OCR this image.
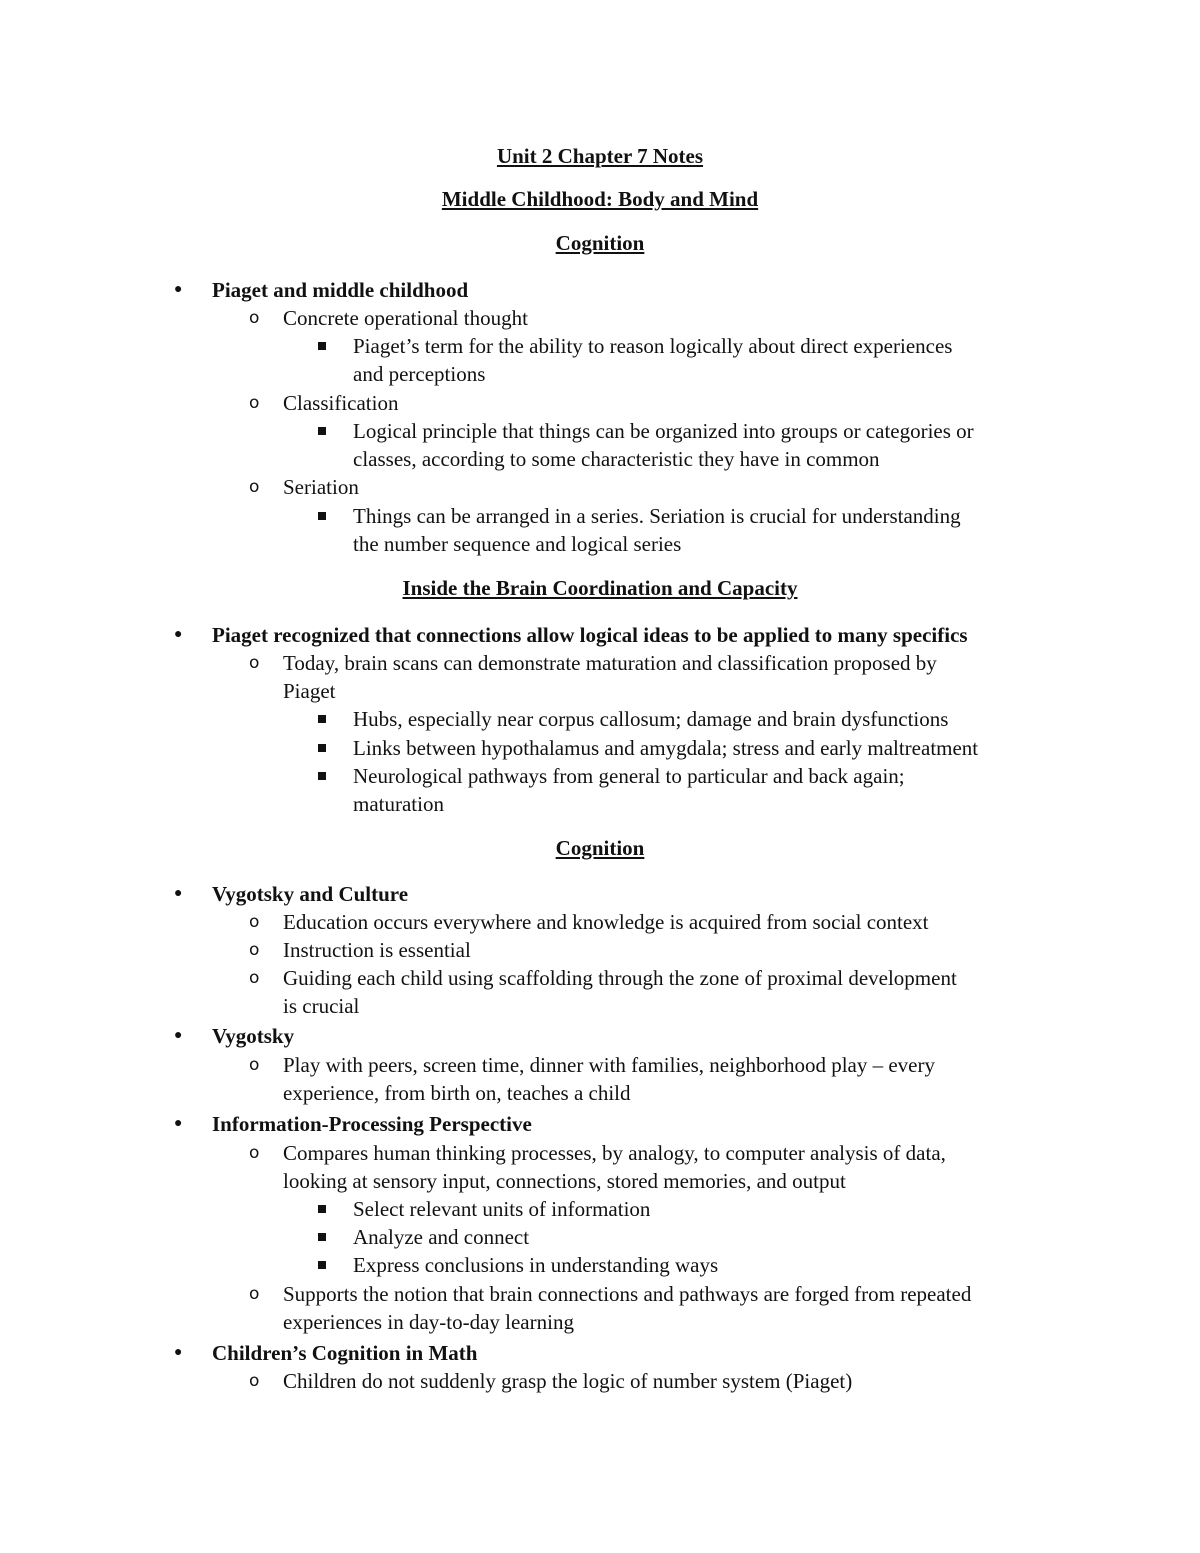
Unit 2 Chapter 7 Notes
Middle Childhood: Body and Mind
Cognition
● Piaget and middle childhood
o Concrete operational thought
Piaget’s term for the ability to reason logically about direct experiences
and perceptions
o Classification
Logical principle that things can be organized into groups or categories or
classes, according to some characteristic they have in common
o Seriation
Things can be arranged in a series. Seriation is crucial for understanding
the number sequence and logical series
Inside the Brain Coordination and Capacity
● Piaget recognized that connections allow logical ideas to be applied to many specifics
o Today, brain scans can demonstrate maturation and classification proposed by
Piaget
Hubs, especially near corpus callosum; damage and brain dysfunctions
Links between hypothalamus and amygdala; stress and early maltreatment
Neurological pathways from general to particular and back again;
maturation
Cognition
● Vygotsky and Culture
o Education occurs everywhere and knowledge is acquired from social context
o Instruction is essential
o Guiding each child using scaffolding through the zone of proximal development
is crucial
● Vygotsky
o Play with peers, screen time, dinner with families, neighborhood play – every
experience, from birth on, teaches a child
● Information-Processing Perspective
o Compares human thinking processes, by analogy, to computer analysis of data,
looking at sensory input, connections, stored memories, and output
Select relevant units of information
Analyze and connect
Express conclusions in understanding ways
o Supports the notion that brain connections and pathways are forged from repeated
experiences in day-to-day learning
● Children’s Cognition in Math
o Children do not suddenly grasp the logic of number system (Piaget)
